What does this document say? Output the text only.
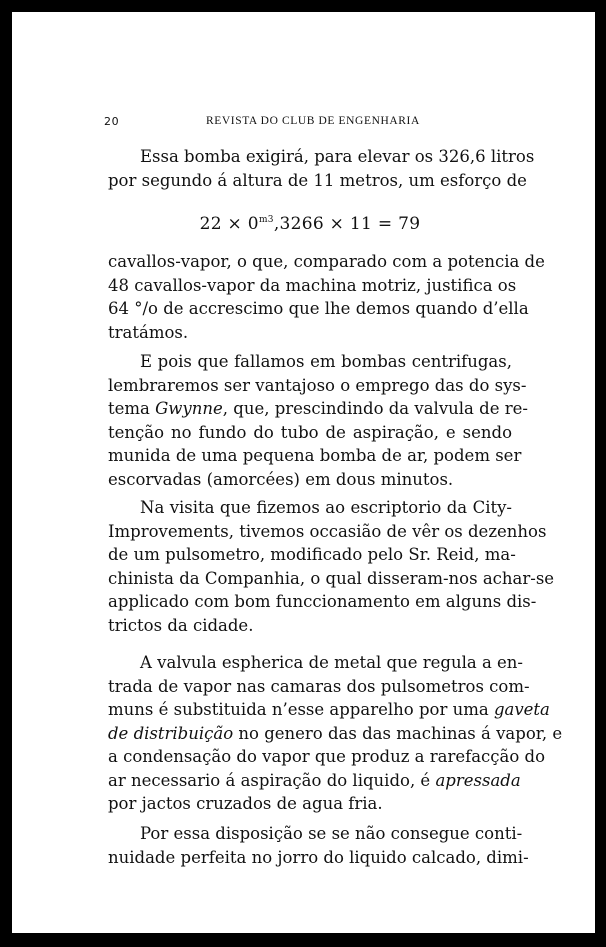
20	REVISTA DO CLUB DE ENGENHARIA

Essa bomba exigirá, para elevar os 326,6 litros
por segundo á altura de 11 metros, um esforço de

$22 \times 0^{m3},3266 \times 11 = 79$

cavallos-vapor, o que, comparado com a potencia de
48 cavallos-vapor da machina motriz, justifica os
64 °/o de accrescimo que lhe demos quando d’ella
tratámos.

E pois que fallamos em bombas centrifugas,
lembraremos ser vantajoso o emprego das do sys-
tema Gwynne, que, prescindindo da valvula de re-
tenção no fundo do tubo de aspiração, e sendo
munida de uma pequena bomba de ar, podem ser
escorvadas (amorcées) em dous minutos.

Na visita que fizemos ao escriptorio da City-
Improvements, tivemos occasião de vêr os dezenhos
de um pulsometro, modificado pelo Sr. Reid, ma-
chinista da Companhia, o qual disseram-nos achar-se
applicado com bom funccionamento em alguns dis-
trictos da cidade.

A valvula espherica de metal que regula a en-
trada de vapor nas camaras dos pulsometros com-
muns é substituida n’esse apparelho por uma gaveta
de distribuição no genero das das machinas á vapor, e
a condensação do vapor que produz a rarefacção do
ar necessario á aspiração do liquido, é apressada
por jactos cruzados de agua fria.

Por essa disposição se se não consegue conti-
nuidade perfeita no jorro do liquido calcado, dimi-
